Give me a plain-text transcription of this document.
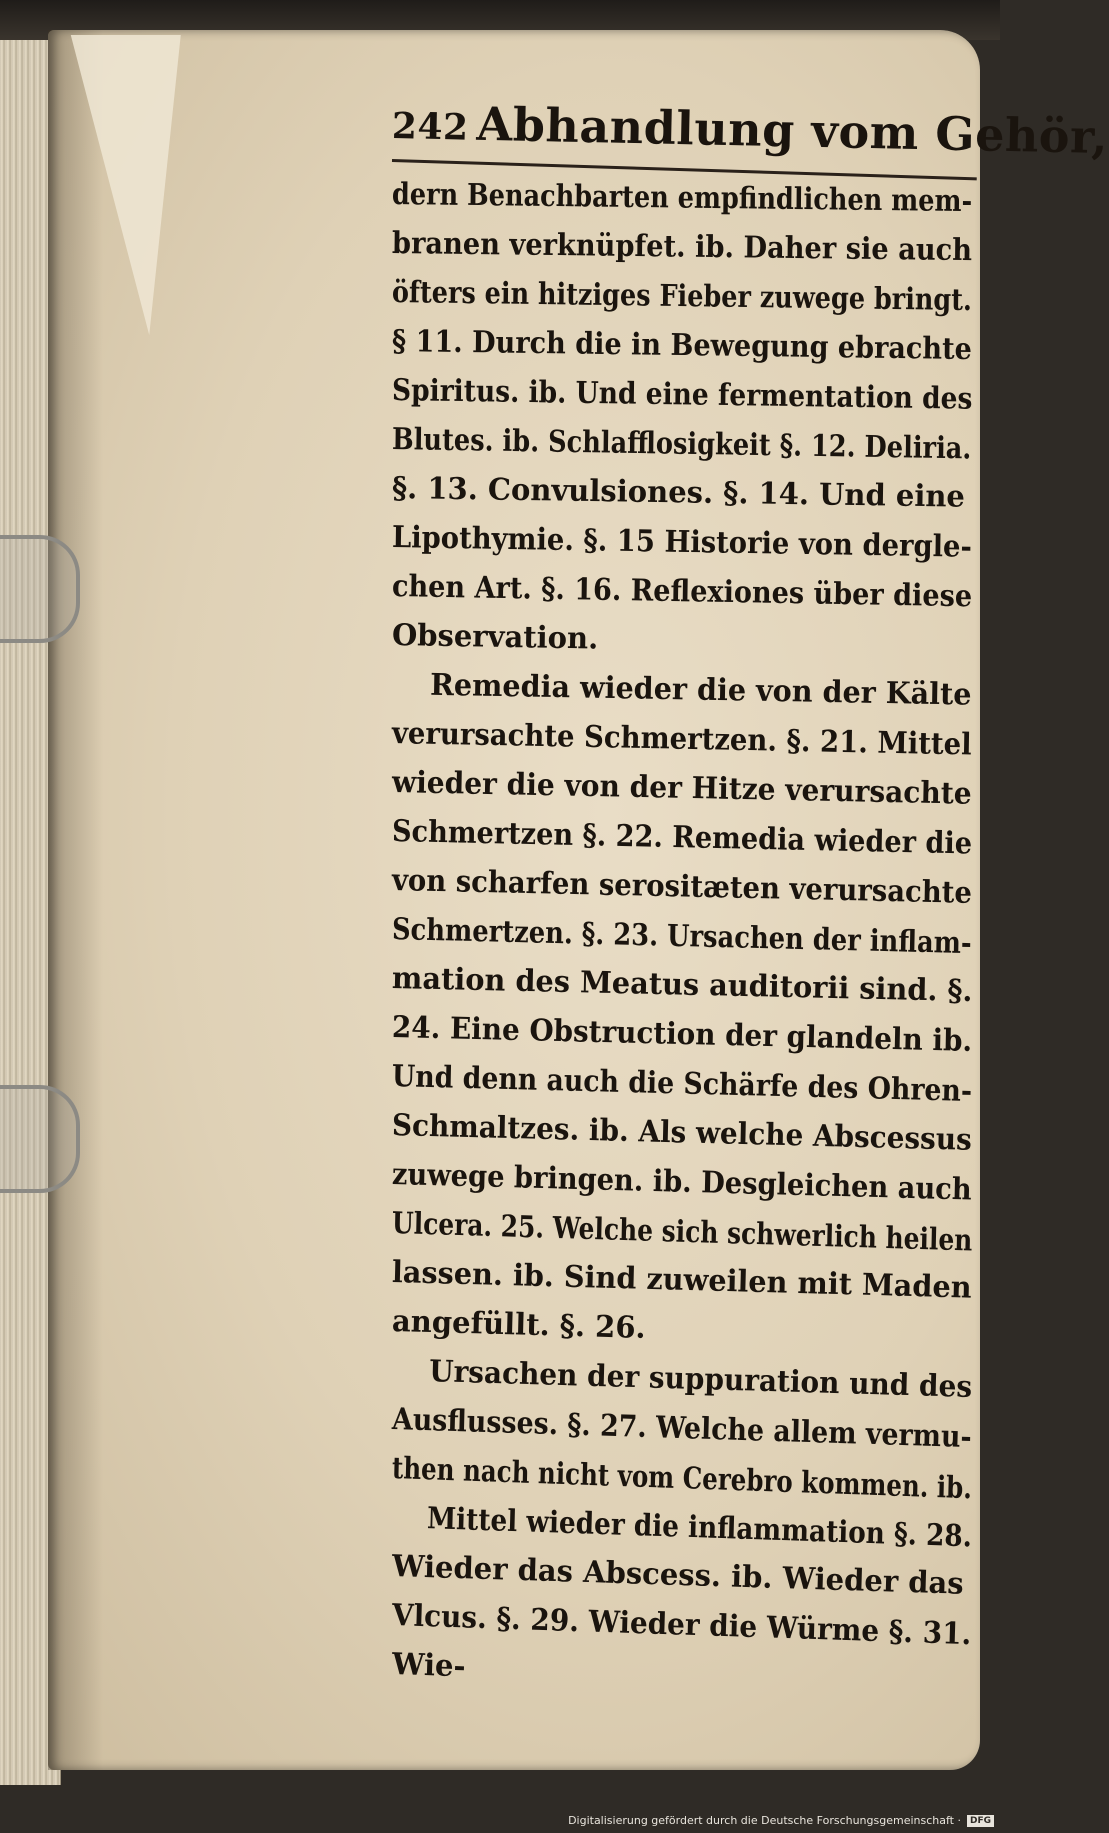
242 Abhandlung vom Gehör,
dern Benachbarten empfindlichen mem-
branen verknüpfet. ib. Daher sie auch
öfters ein hitziges Fieber zuwege bringt.
§ 11. Durch die in Bewegung ebrachte
Spiritus. ib. Und eine fermentation des
Blutes. ib. Schlafflosigkeit §. 12. Deliria.
§. 13. Convulsiones. §. 14. Und eine
Lipothymie. §. 15 Historie von dergle-
chen Art. §. 16. Reflexiones über diese
Observation.
Remedia wieder die von der Kälte
verursachte Schmertzen. §. 21. Mittel
wieder die von der Hitze verursachte
Schmertzen §. 22. Remedia wieder die
von scharfen serositæten verursachte
Schmertzen. §. 23. Ursachen der inflam-
mation des Meatus auditorii sind. §.
24. Eine Obstruction der glandeln ib.
Und denn auch die Schärfe des Ohren-
Schmaltzes. ib. Als welche Abscessus
zuwege bringen. ib. Desgleichen auch
Ulcera. 25. Welche sich schwerlich heilen
lassen. ib. Sind zuweilen mit Maden
angefüllt. §. 26.
Ursachen der suppuration und des
Ausflusses. §. 27. Welche allem vermu-
then nach nicht vom Cerebro kommen. ib.
Mittel wieder die inflammation §. 28.
Wieder das Abscess. ib. Wieder das
Vlcus. §. 29. Wieder die Würme §. 31.
Wie-
Digitalisierung gefördert durch die Deutsche Forschungsgemeinschaft ·	DFG
